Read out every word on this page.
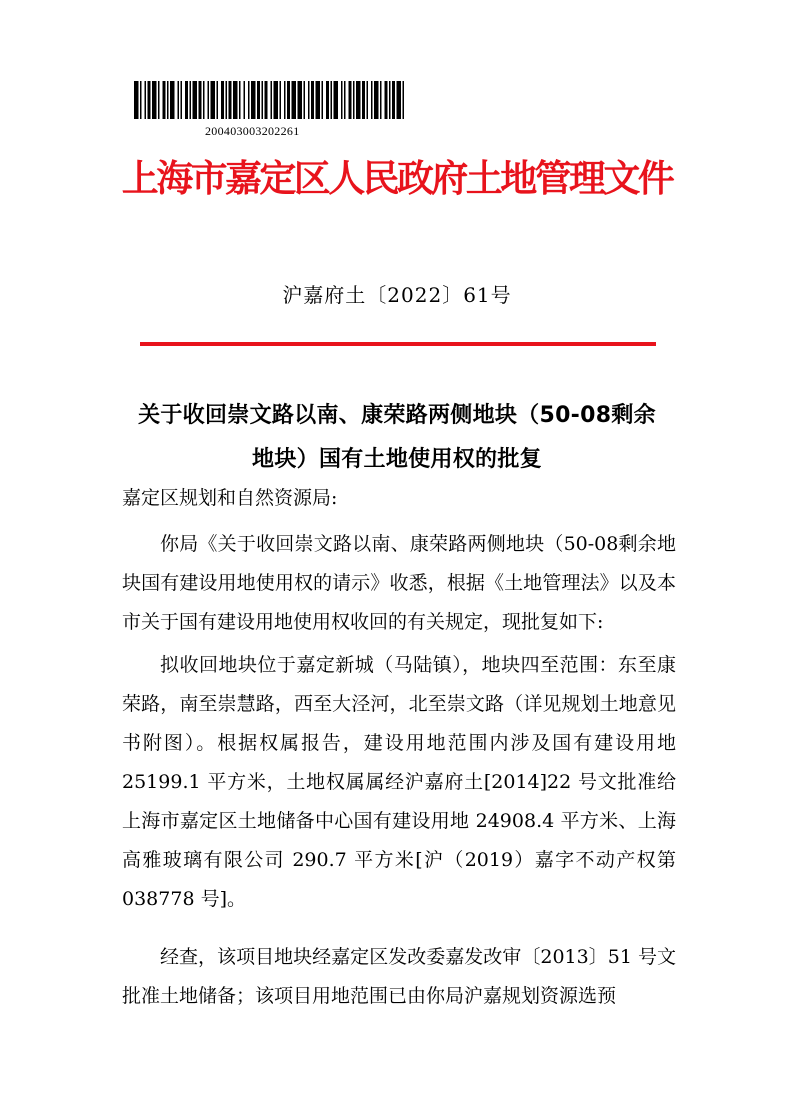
200403003202261
上海市嘉定区人民政府土地管理文件
沪嘉府土〔2022〕61号
关于收回崇文路以南、康荣路两侧地块（50-08剩余
地块）国有土地使用权的批复
嘉定区规划和自然资源局:

你局《关于收回崇文路以南、康荣路两侧地块（50-08剩余地块国有建设用地使用权的请示》收悉，根据《土地管理法》以及本市关于国有建设用地使用权收回的有关规定，现批复如下:

拟收回地块位于嘉定新城（马陆镇），地块四至范围：东至康荣路，南至崇慧路，西至大泾河，北至崇文路（详见规划土地意见书附图）。根据权属报告，建设用地范围内涉及国有建设用地 25199.1 平方米，土地权属属经沪嘉府土[2014]22 号文批准给上海市嘉定区土地储备中心国有建设用地 24908.4 平方米、上海高雅玻璃有限公司 290.7 平方米[沪（2019）嘉字不动产权第038778 号]。

经查，该项目地块经嘉定区发改委嘉发改审〔2013〕51 号文批准土地储备；该项目用地范围已由你局沪嘉规划资源选预
